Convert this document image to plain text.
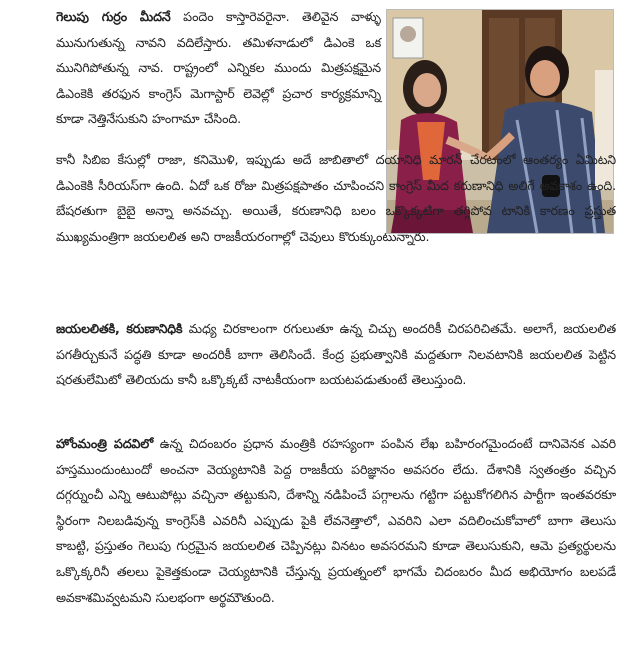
గెలుపు గుర్రం మీదనే పందెం కాస్తారెవరైనా. తెలివైన వాళ్ళు మునుగుతున్న నావని వదిలేస్తారు. తమిళనాడులో డిఎంకె ఒక మునిగిపోతున్న నావ. రాష్ట్రంలో ఎన్నికల ముందు మిత్రపక్షమైన డిఎంకెకి తరఫున కాంగ్రెస్ మెగాస్టార్ లెవెల్లో ప్రచార కార్యక్రమాన్ని కూడా నెత్తినేసుకుని హంగామా చేసింది.
కానీ సిబిఐ కేసుల్లో రాజా, కనిమొళి, ఇప్పుడు అదే జాబితాలో దయానిధి మారన్ చేరటంలో ఆంతర్యం ఏమిటని డిఎంకెకి సీరియస్‌గా ఉంది. ఏదో ఒక రోజు మిత్రపక్షపాతం చూపించని కాంగ్రెస్ మీద కరుణానిధి అలిగే అవకాశం ఉంది. బేషరతుగా బైబై అన్నా అనవచ్చు. అయితే, కరుణానిధి బలం ఒక్కొక్కటిగా తగ్గిపోవ టానికి కారణం ప్రస్తుత ముఖ్యమంత్రిగా జయలలిత అని రాజకీయరంగాల్లో చెవులు కొరుక్కుంటున్నారు.
జయలలితకి, కరుణానిధికి మధ్య చిరకాలంగా రగులుతూ ఉన్న చిచ్చు అందరికీ చిరపరిచితమే. అలాగే, జయలలిత పగతీర్చుకునే పద్ధతి కూడా అందరికీ బాగా తెలిసిందే. కేంద్ర ప్రభుత్వానికి మద్దతుగా నిలవటానికి జయలలిత పెట్టిన షరతులేమిటో తెలియదు కానీ ఒక్కొక్కటే నాటకీయంగా బయటపడుతుంటే తెలుస్తుంది.
హోంమంత్రి పదవిలో ఉన్న చిదంబరం ప్రధాన మంత్రికి రహస్యంగా పంపిన లేఖ బహిరంగమైందంటే దానివెనక ఎవరి హస్తముందుంటుందో అంచనా వెయ్యటానికి పెద్ద రాజకీయ పరిజ్ఞానం అవసరం లేదు. దేశానికి స్వతంత్రం వచ్చిన దగ్గర్నుంచీ ఎన్ని ఆటుపోట్లు వచ్చినా తట్టుకుని, దేశాన్ని నడిపించే పగ్గాలను గట్టిగా పట్టుకోగలిగిన పార్టీగా ఇంతవరకూ స్థిరంగా నిలబడివున్న కాంగ్రెస్‌కి ఎవరినీ ఎప్పుడు పైకి లేవనెత్తాలో, ఎవరిని ఎలా వదిలించుకోవాలో బాగా తెలుసు కాబట్టి, ప్రస్తుతం గెలుపు గుర్రమైన జయలలిత చెప్పినట్లు వినటం అవసరమని కూడా తెలుసుకుని, ఆమె ప్రత్యర్థులను ఒక్కొక్కరినీ తలలు పైకెత్తకుండా చెయ్యటానికి చేస్తున్న ప్రయత్నంలో భాగమే చిదంబరం మీద అభియోగం బలపడే అవకాశమివ్వటమని సులభంగా అర్థమౌతుంది.
